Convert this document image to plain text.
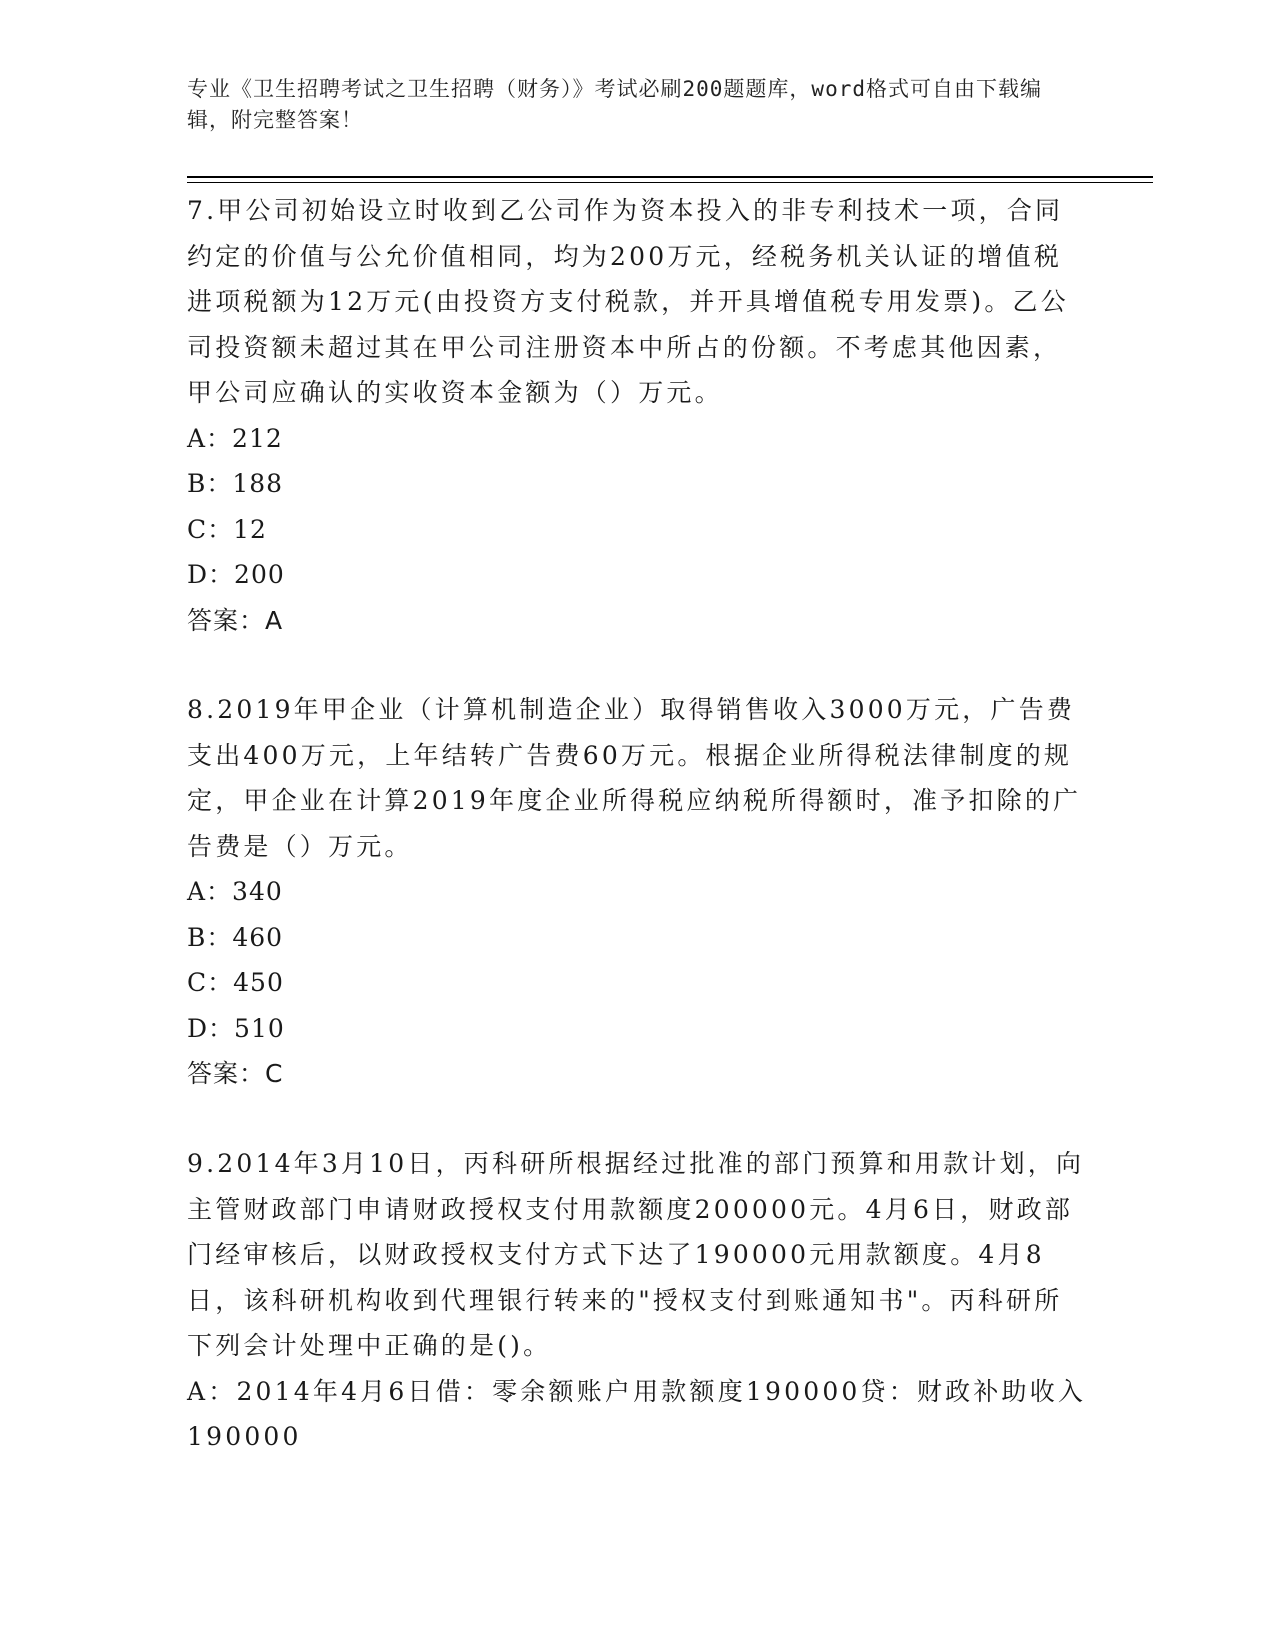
专业《卫生招聘考试之卫生招聘（财务）》考试必刷200题题库，word格式可自由下载编辑，附完整答案！

7.甲公司初始设立时收到乙公司作为资本投入的非专利技术一项，合同约定的价值与公允价值相同，均为200万元，经税务机关认证的增值税进项税额为12万元(由投资方支付税款，并开具增值税专用发票)。乙公司投资额未超过其在甲公司注册资本中所占的份额。不考虑其他因素，甲公司应确认的实收资本金额为（）万元。

A：212

B：188

C：12

D：200

答案：A

8.2019年甲企业（计算机制造企业）取得销售收入3000万元，广告费支出400万元，上年结转广告费60万元。根据企业所得税法律制度的规定，甲企业在计算2019年度企业所得税应纳税所得额时，准予扣除的广告费是（）万元。

A：340

B：460

C：450

D：510

答案：C

9.2014年3月10日，丙科研所根据经过批准的部门预算和用款计划，向主管财政部门申请财政授权支付用款额度200000元。4月6日，财政部门经审核后，以财政授权支付方式下达了190000元用款额度。4月8日，该科研机构收到代理银行转来的"授权支付到账通知书"。丙科研所下列会计处理中正确的是()。

A：2014年4月6日借：零余额账户用款额度190000贷：财政补助收入190000
